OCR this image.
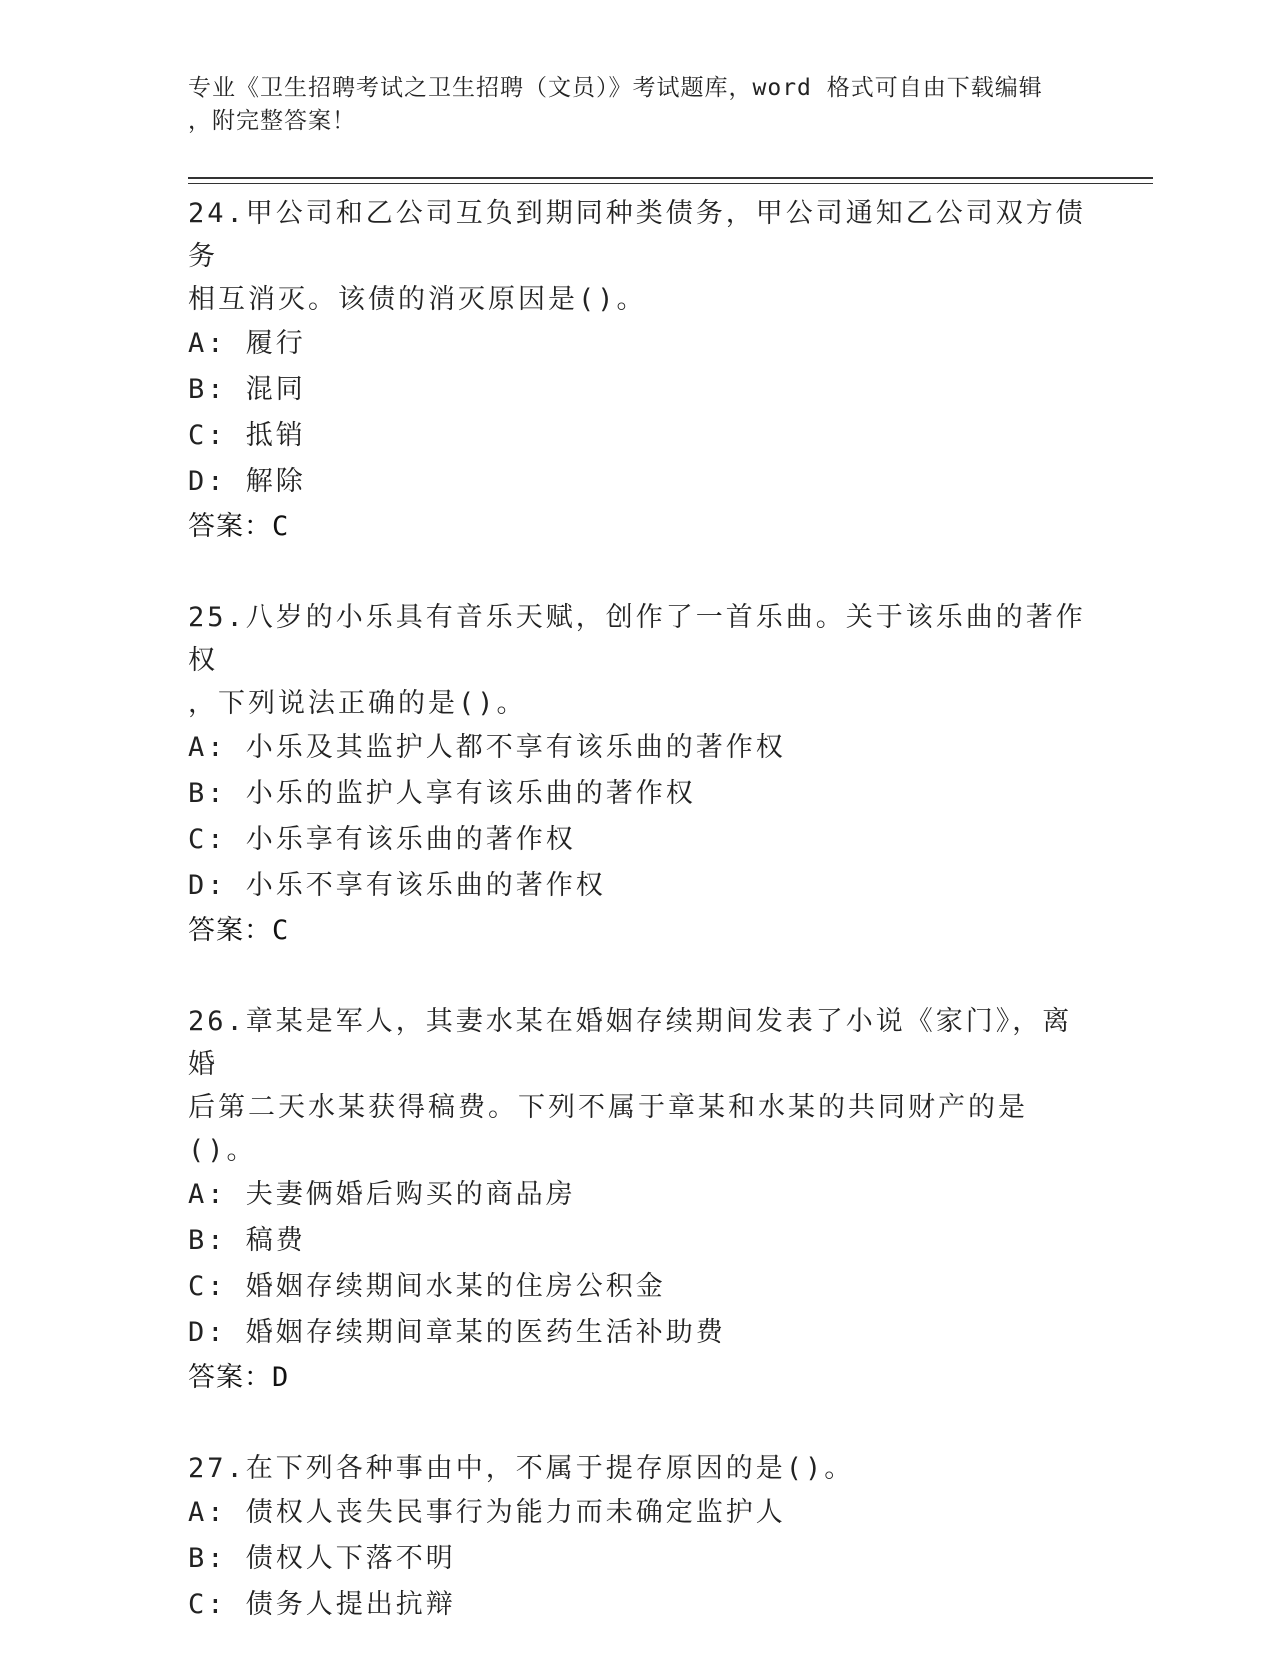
专业《卫生招聘考试之卫生招聘（文员）》考试题库，word 格式可自由下载编辑
，附完整答案！

24.甲公司和乙公司互负到期同种类债务，甲公司通知乙公司双方债务

相互消灭。该债的消灭原因是()。

A: 履行

B: 混同

C: 抵销

D: 解除

答案：C

25.八岁的小乐具有音乐天赋，创作了一首乐曲。关于该乐曲的著作权

，下列说法正确的是()。

A: 小乐及其监护人都不享有该乐曲的著作权

B: 小乐的监护人享有该乐曲的著作权

C: 小乐享有该乐曲的著作权

D: 小乐不享有该乐曲的著作权

答案：C

26.章某是军人，其妻水某在婚姻存续期间发表了小说《家门》，离婚

后第二天水某获得稿费。下列不属于章某和水某的共同财产的是()。

A: 夫妻俩婚后购买的商品房

B: 稿费

C: 婚姻存续期间水某的住房公积金

D: 婚姻存续期间章某的医药生活补助费

答案：D

27.在下列各种事由中，不属于提存原因的是()。

A: 债权人丧失民事行为能力而未确定监护人

B: 债权人下落不明

C: 债务人提出抗辩
